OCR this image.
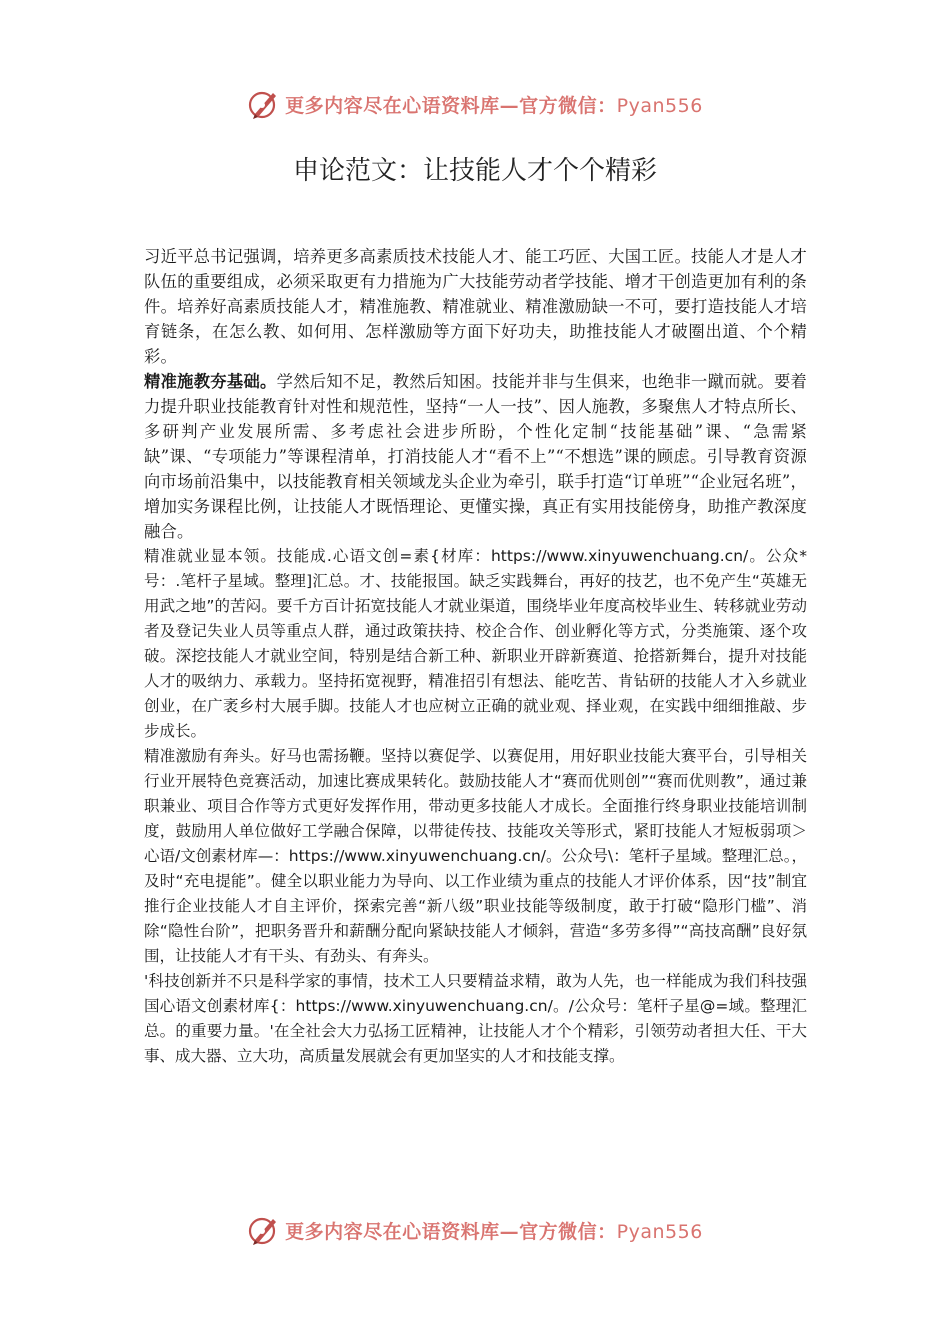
更多内容尽在心语资料库—官方微信：Pyan556
申论范文：让技能人才个个精彩

习近平总书记强调，培养更多高素质技术技能人才、能工巧匠、大国工匠。技能人才是人才队伍的重要组成，必须采取更有力措施为广大技能劳动者学技能、增才干创造更加有利的条件。培养好高素质技能人才，精准施教、精准就业、精准激励缺一不可，要打造技能人才培育链条，在怎么教、如何用、怎样激励等方面下好功夫，助推技能人才破圈出道、个个精彩。

精准施教夯基础。学然后知不足，教然后知困。技能并非与生俱来，也绝非一蹴而就。要着力提升职业技能教育针对性和规范性，坚持“一人一技”、因人施教，多聚焦人才特点所长、多研判产业发展所需、多考虑社会进步所盼，个性化定制“技能基础”课、“急需紧缺”课、“专项能力”等课程清单，打消技能人才“看不上”“不想选”课的顾虑。引导教育资源向市场前沿集中，以技能教育相关领域龙头企业为牵引，联手打造“订单班”“企业冠名班”，增加实务课程比例，让技能人才既悟理论、更懂实操，真正有实用技能傍身，助推产教深度融合。

精准就业显本领。技能成.心语文创=素{材库：https://www.xinyuwenchuang.cn/。公众*号：.笔杆子星域。整理]汇总。才、技能报国。缺乏实践舞台，再好的技艺，也不免产生“英雄无用武之地”的苦闷。要千方百计拓宽技能人才就业渠道，围绕毕业年度高校毕业生、转移就业劳动者及登记失业人员等重点人群，通过政策扶持、校企合作、创业孵化等方式，分类施策、逐个攻破。深挖技能人才就业空间，特别是结合新工种、新职业开辟新赛道、抢搭新舞台，提升对技能人才的吸纳力、承载力。坚持拓宽视野，精准招引有想法、能吃苦、肯钻研的技能人才入乡就业创业，在广袤乡村大展手脚。技能人才也应树立正确的就业观、择业观，在实践中细细推敲、步步成长。

精准激励有奔头。好马也需扬鞭。坚持以赛促学、以赛促用，用好职业技能大赛平台，引导相关行业开展特色竞赛活动，加速比赛成果转化。鼓励技能人才“赛而优则创”“赛而优则教”，通过兼职兼业、项目合作等方式更好发挥作用，带动更多技能人才成长。全面推行终身职业技能培训制度，鼓励用人单位做好工学融合保障，以带徒传技、技能攻关等形式，紧盯技能人才短板弱项＞心语/文创素材库—：https://www.xinyuwenchuang.cn/。公众号\：笔杆子星域。整理汇总。，及时“充电提能”。健全以职业能力为导向、以工作业绩为重点的技能人才评价体系，因“技”制宜推行企业技能人才自主评价，探索完善“新八级”职业技能等级制度，敢于打破“隐形门槛”、消除“隐性台阶”，把职务晋升和薪酬分配向紧缺技能人才倾斜，营造“多劳多得”“高技高酬”良好氛围，让技能人才有干头、有劲头、有奔头。

'科技创新并不只是科学家的事情，技术工人只要精益求精，敢为人先，也一样能成为我们科技强国心语文创素材库{：https://www.xinyuwenchuang.cn/。/公众号：笔杆子星@=域。整理汇总。的重要力量。'在全社会大力弘扬工匠精神，让技能人才个个精彩，引领劳动者担大任、干大事、成大器、立大功，高质量发展就会有更加坚实的人才和技能支撑。

更多内容尽在心语资料库—官方微信：Pyan556
